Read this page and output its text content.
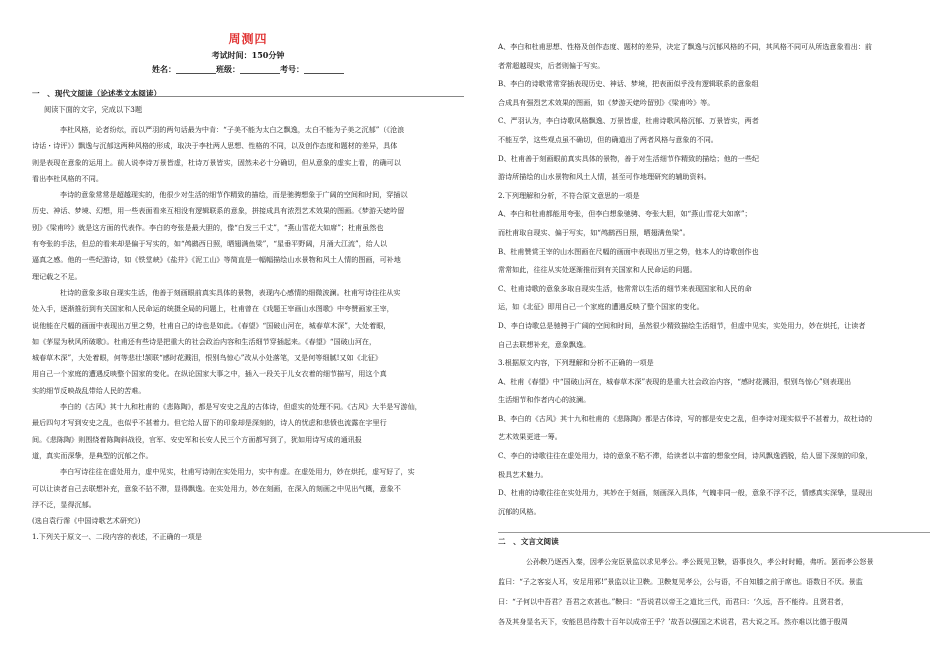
周测四
考试时间：150分钟
姓名：__________班级：__________考号：__________
一　、现代文阅读（论述类文本阅读）
阅读下面的文字，完成以下3题
李杜风格，论者纷纭，而以严羽的两句话最为中肯：“子美不能为太白之飘逸，太白不能为子美之沉郁”（《沧浪
诗话・诗评》）飘逸与沉郁这两种风格的形成，取决于李杜两人思想、性格的不同，以及创作态度和题材的差异，具体
则是表现在意象的运用上。前人说李诗万景皆虚，杜诗万景皆实，固然未必十分确切，但从意象的虚实上看，的确可以
看出李杜风格的不同。
李诗的意象常常是超越现实的，他很少对生活的细节作精致的描绘，而是驰骋想象于广阔的空间和时间，穿插以
历史、神话、梦境、幻想，用一些表面看来互相没有逻辑联系的意象，拼接成具有浓烈艺术效果的图画。《梦游天姥吟留
别》《梁甫吟》就是这方面的代表作。李白的夸张是最大胆的，像“白发三千丈”，“燕山雪花大如席”；杜甫虽然也
有夸张的手法，但总的看来却是偏于写实的，如“鸬鹚西日照，晒翅满鱼梁”，“星垂平野阔，月涌大江流”，给人以
逼真之感。他的一些纪游诗，如《铁堂峡》《盐井》《泥工山》等简直是一幅幅描绘山水景物和风土人情的图画，可补地
理记载之不足。
杜诗的意象多取自现实生活，他善于刻画眼前真实具体的景物，表现内心感情的细微波澜。杜甫写诗往往从实
处入手，逐渐推衍到有关国家和人民命运的统摄全局的问题上，杜甫曾在《戏题王宰画山水图歌》中夸赞画家王宰，
说他能在尺幅的画面中表现出万里之势，杜甫自己的诗也是如此。《春望》“国破山河在，城春草木深”，大处着眼，
如《茅屋为秋风所破歌》。杜甫还有些诗是把重大的社会政治内容和生活细节穿插起来。《春望》“国破山河在，
城春草木深”，大处着眼，何等悲壮!颔联“感时花溅泪，恨别鸟惊心”改从小处落笔，又是何等细腻!又如《北征》
用自己一个家庭的遭遇反映整个国家的变化。在纵论国家大事之中，插入一段关于儿女衣着的细节描写，用这个真
实的细节反映战乱带给人民的苦难。
李白的《古风》其十九和杜甫的《悲陈陶》，都是写安史之乱的古体诗，但虚实的处理不同。《古风》大半是写游仙，
最后四句才写到安史之乱，也似乎不甚着力。但它给人留下的印象却是深刻的，诗人的忧虑和悲愤也流露在字里行
间。《悲陈陶》则围绕着陈陶斜战役，官军、安史军和长安人民三个方面都写到了，犹如用诗写成的通讯报
道，真实而深挚，是典型的沉郁之作。
李白写诗往往在虚处用力，虚中见实，杜甫写诗则在实处用力，实中有虚。在虚处用力，妙在烘托，虚写好了，实
可以让读者自己去联想补充，意象不拈不滞，显得飘逸。在实处用力，妙在刻画，在深入的刻画之中见出气概，意象不
浮不泛，显得沉郁。
(选自袁行霈《中国诗歌艺术研究》)
1.下列关于原文一、二段内容的表述，不正确的一项是
A、李白和杜甫思想、性格及创作态度、题材的差异，决定了飘逸与沉郁风格的不同，其风格不同可从所选意象看出：前
者常超越现实，后者则偏于写实。
B、李白的诗歌常常穿插表现历史、神话、梦境，把表面似乎没有逻辑联系的意象组
合成具有强烈艺术效果的图画，如《梦游天姥吟留别》《梁甫吟》等。
C、严羽认为，李白诗歌风格飘逸、万景皆虚，杜甫诗歌风格沉郁、万景皆实，两者
不能互学，这些观点虽不确切，但的确道出了两者风格与意象的不同。
D、杜甫善于刻画眼前真实具体的景物，善于对生活细节作精致的描绘；他的一些纪
游诗所描绘的山水景物和风土人情，甚至可作地理研究的辅助资料。
2.下列理解和分析，不符合原文意思的一项是
A、李白和杜甫都能用夸张，但李白想象驰骋、夸张大胆，如“燕山雪花大如席”；
而杜甫取自现实、偏于写实，如“鸬鹚西日照，晒翅满鱼梁”。
B、杜甫赞赏王宰的山水图画在尺幅的画面中表现出万里之势，他本人的诗歌创作也
常常如此，往往从实处逐渐推衍到有关国家和人民命运的问题。
C、杜甫诗歌的意象多取自现实生活，他常常以生活的细节来表现国家和人民的命
运，如《北征》即用自己一个家庭的遭遇反映了整个国家的变化。
D、李白诗歌总是驰骋于广阔的空间和时间，虽然很少精致描绘生活细节，但虚中见实，实处用力，妙在烘托，让读者
自己去联想补充，意象飘逸。
3.根据原文内容，下列理解和分析不正确的一项是
A、杜甫《春望》中“国破山河在，城春草木深”表现的是重大社会政治内容，“感时花溅泪，恨别鸟惊心”则表现出
生活细节和作者内心的波澜。
B、李白的《古风》其十九和杜甫的《悲陈陶》都是古体诗，写的都是安史之乱，但李诗对现实似乎不甚着力，故杜诗的
艺术效果更进一筹。
C、李白的诗歌往往在虚处用力，诗的意象不粘不滞，给读者以丰富的想象空间，诗风飘逸洒脱，给人留下深刻的印象，
极具艺术魅力。
D、杜甫的诗歌往往在实处用力，其妙在于刻画，刻画深入具体，气魄非同一般，意象不浮不泛，情感真实深挚，显现出
沉郁的风格。
二　、文言文阅读
公孙鞅乃逐西入秦，因孝公宠臣景监以求见孝公。孝公既见卫鞅，语事良久，孝公时时睡，弗听。罢而孝公怒景
监曰：“子之客妄人耳，安足用邪!”景监以让卫鞅。卫鞅复见孝公，公与语，不自知膝之前于席也。语数日不厌。景监
曰：“子何以中吾君？吾君之欢甚也。”鞅曰：“吾说君以帝王之道比三代，而君曰：‘久远，吾不能待。且贤君者，
各及其身显名天下，安能邑邑待数十百年以成帝王乎？’故吾以强国之术说君，君大说之耳。然亦难以比德于殷周
